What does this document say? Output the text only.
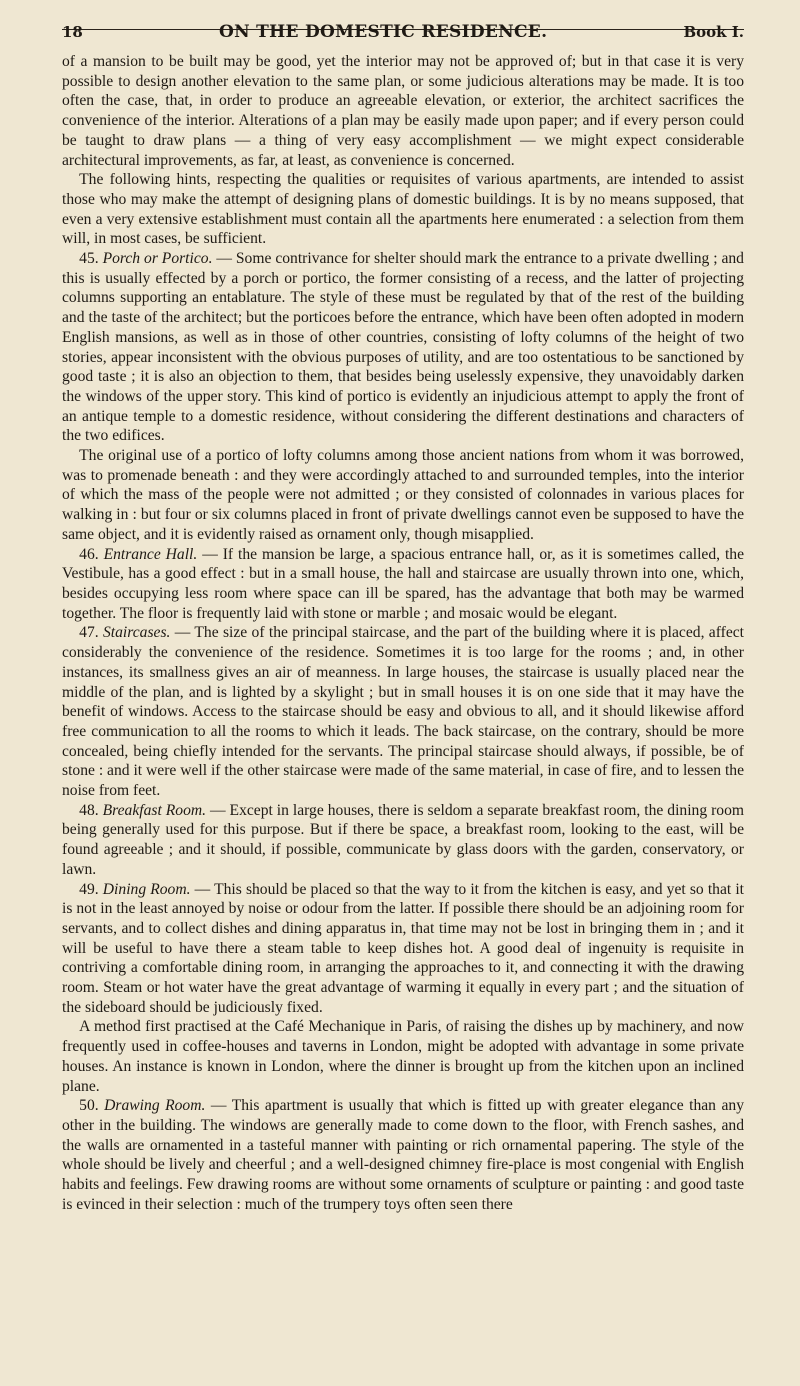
18	ON THE DOMESTIC RESIDENCE.	Book I.

of a mansion to be built may be good, yet the interior may not be approved of; but in that case it is very possible to design another elevation to the same plan, or some judicious alterations may be made. It is too often the case, that, in order to produce an agreeable elevation, or exterior, the architect sacrifices the convenience of the interior. Alterations of a plan may be easily made upon paper; and if every person could be taught to draw plans — a thing of very easy accomplishment — we might expect considerable architectural improvements, as far, at least, as convenience is concerned.

The following hints, respecting the qualities or requisites of various apartments, are intended to assist those who may make the attempt of designing plans of domestic buildings. It is by no means supposed, that even a very extensive establishment must contain all the apartments here enumerated : a selection from them will, in most cases, be sufficient.

45. Porch or Portico. — Some contrivance for shelter should mark the entrance to a private dwelling ; and this is usually effected by a porch or portico, the former consisting of a recess, and the latter of projecting columns supporting an entablature. The style of these must be regulated by that of the rest of the building and the taste of the architect; but the porticoes before the entrance, which have been often adopted in modern English mansions, as well as in those of other countries, consisting of lofty columns of the height of two stories, appear inconsistent with the obvious purposes of utility, and are too ostentatious to be sanctioned by good taste ; it is also an objection to them, that besides being uselessly expensive, they unavoidably darken the windows of the upper story. This kind of portico is evidently an injudicious attempt to apply the front of an antique temple to a domestic residence, without considering the different destinations and characters of the two edifices.

The original use of a portico of lofty columns among those ancient nations from whom it was borrowed, was to promenade beneath : and they were accordingly attached to and surrounded temples, into the interior of which the mass of the people were not admitted ; or they consisted of colonnades in various places for walking in : but four or six columns placed in front of private dwellings cannot even be supposed to have the same object, and it is evidently raised as ornament only, though misapplied.

46. Entrance Hall. — If the mansion be large, a spacious entrance hall, or, as it is sometimes called, the Vestibule, has a good effect : but in a small house, the hall and staircase are usually thrown into one, which, besides occupying less room where space can ill be spared, has the advantage that both may be warmed together. The floor is frequently laid with stone or marble ; and mosaic would be elegant.

47. Staircases. — The size of the principal staircase, and the part of the building where it is placed, affect considerably the convenience of the residence. Sometimes it is too large for the rooms ; and, in other instances, its smallness gives an air of meanness. In large houses, the staircase is usually placed near the middle of the plan, and is lighted by a skylight ; but in small houses it is on one side that it may have the benefit of windows. Access to the staircase should be easy and obvious to all, and it should likewise afford free communication to all the rooms to which it leads. The back staircase, on the contrary, should be more concealed, being chiefly intended for the servants. The principal staircase should always, if possible, be of stone : and it were well if the other staircase were made of the same material, in case of fire, and to lessen the noise from feet.

48. Breakfast Room. — Except in large houses, there is seldom a separate breakfast room, the dining room being generally used for this purpose. But if there be space, a breakfast room, looking to the east, will be found agreeable ; and it should, if possible, communicate by glass doors with the garden, conservatory, or lawn.

49. Dining Room. — This should be placed so that the way to it from the kitchen is easy, and yet so that it is not in the least annoyed by noise or odour from the latter. If possible there should be an adjoining room for servants, and to collect dishes and dining apparatus in, that time may not be lost in bringing them in ; and it will be useful to have there a steam table to keep dishes hot. A good deal of ingenuity is requisite in contriving a comfortable dining room, in arranging the approaches to it, and connecting it with the drawing room. Steam or hot water have the great advantage of warming it equally in every part ; and the situation of the sideboard should be judiciously fixed.

A method first practised at the Café Mechanique in Paris, of raising the dishes up by machinery, and now frequently used in coffee-houses and taverns in London, might be adopted with advantage in some private houses. An instance is known in London, where the dinner is brought up from the kitchen upon an inclined plane.

50. Drawing Room. — This apartment is usually that which is fitted up with greater elegance than any other in the building. The windows are generally made to come down to the floor, with French sashes, and the walls are ornamented in a tasteful manner with painting or rich ornamental papering. The style of the whole should be lively and cheerful ; and a well-designed chimney fire-place is most congenial with English habits and feelings. Few drawing rooms are without some ornaments of sculpture or painting : and good taste is evinced in their selection : much of the trumpery toys often seen there
